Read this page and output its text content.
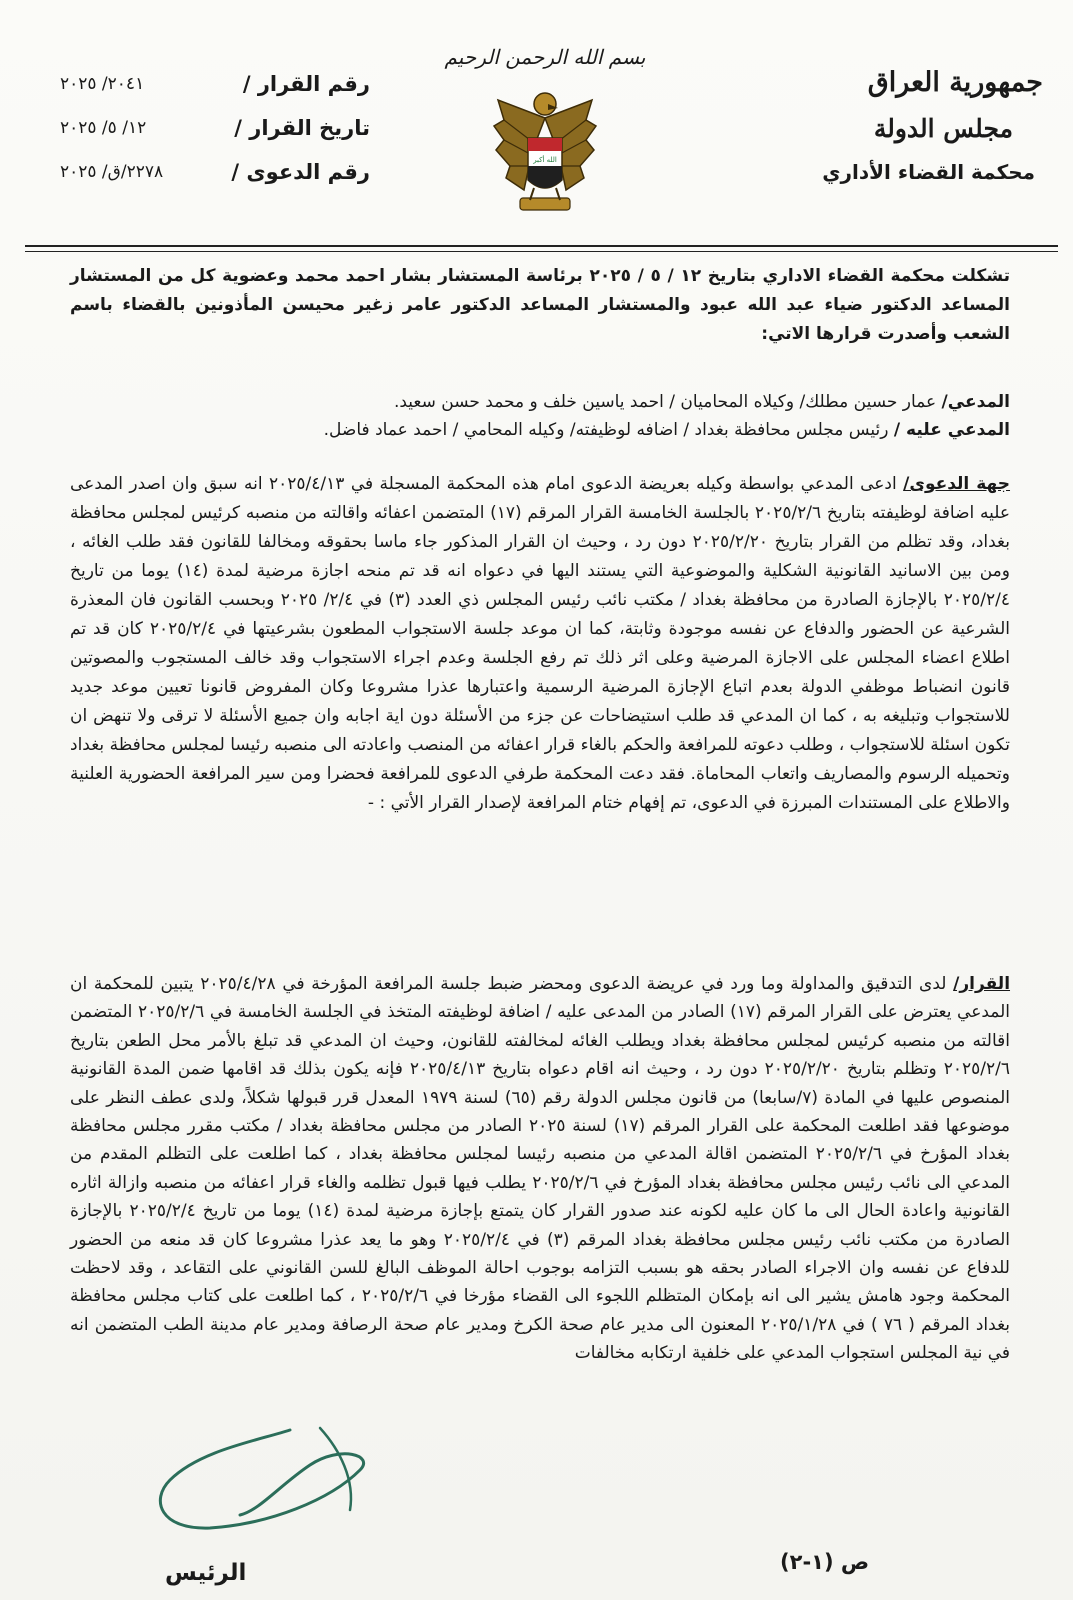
جمهورية العراق
مجلس الدولة
محكمة القضاء الأداري
بسم الله الرحمن الرحيم
الله أكبر
رقم القرار /
٢٠٤١/ ٢٠٢٥
تاريخ القرار /
١٢/ ٥/ ٢٠٢٥
رقم الدعوى /
٢٢٧٨/ق/ ٢٠٢٥
تشكلت محكمة القضاء الاداري بتاريخ ١٢ / ٥ / ٢٠٢٥ برئاسة المستشار بشار احمد محمد وعضوية كل من المستشار المساعد الدكتور ضياء عبد الله عبود والمستشار المساعد الدكتور عامر زغير محيسن المأذونين بالقضاء باسم الشعب وأصدرت قرارها الاتي:
المدعي/ عمار حسين مطلك/ وكيلاه المحاميان / احمد ياسين خلف و محمد حسن سعيد.
المدعي عليه / رئيس مجلس محافظة بغداد / اضافه لوظيفته/ وكيله المحامي / احمد عماد فاضل.
جهة الدعوى/ ادعى المدعي بواسطة وكيله بعريضة الدعوى امام هذه المحكمة المسجلة في ٢٠٢٥/٤/١٣ انه سبق وان اصدر المدعى عليه اضافة لوظيفته بتاريخ ٢٠٢٥/٢/٦ بالجلسة الخامسة القرار المرقم (١٧) المتضمن اعفائه واقالته من منصبه كرئيس لمجلس محافظة بغداد، وقد تظلم من القرار بتاريخ ٢٠٢٥/٢/٢٠ دون رد ، وحيث ان القرار المذكور جاء ماسا بحقوقه ومخالفا للقانون فقد طلب الغائه ، ومن بين الاسانيد القانونية الشكلية والموضوعية التي يستند اليها في دعواه انه قد تم منحه اجازة مرضية لمدة (١٤) يوما من تاريخ ٢٠٢٥/٢/٤ بالإجازة الصادرة من محافظة بغداد / مكتب نائب رئيس المجلس ذي العدد (٣) في ٢/٤/ ٢٠٢٥ وبحسب القانون فان المعذرة الشرعية عن الحضور والدفاع عن نفسه موجودة وثابتة، كما ان موعد جلسة الاستجواب المطعون بشرعيتها في ٢٠٢٥/٢/٤ كان قد تم اطلاع اعضاء المجلس على الاجازة المرضية وعلى اثر ذلك تم رفع الجلسة وعدم اجراء الاستجواب وقد خالف المستجوب والمصوتين قانون انضباط موظفي الدولة بعدم اتباع الإجازة المرضية الرسمية واعتبارها عذرا مشروعا وكان المفروض قانونا تعيين موعد جديد للاستجواب وتبليغه به ، كما ان المدعي قد طلب استيضاحات عن جزء من الأسئلة دون اية اجابه وان جميع الأسئلة لا ترقى ولا تنهض ان تكون اسئلة للاستجواب ، وطلب دعوته للمرافعة والحكم بالغاء قرار اعفائه من المنصب واعادته الى منصبه رئيسا لمجلس محافظة بغداد وتحميله الرسوم والمصاريف واتعاب المحاماة. فقد دعت المحكمة طرفي الدعوى للمرافعة فحضرا ومن سير المرافعة الحضورية العلنية والاطلاع على المستندات المبرزة في الدعوى، تم إفهام ختام المرافعة لإصدار القرار الأتي : -
القرار/ لدى التدقيق والمداولة وما ورد في عريضة الدعوى ومحضر ضبط جلسة المرافعة المؤرخة في ٢٠٢٥/٤/٢٨ يتبين للمحكمة ان المدعي يعترض على القرار المرقم (١٧) الصادر من المدعى عليه / اضافة لوظيفته المتخذ في الجلسة الخامسة في ٢٠٢٥/٢/٦ المتضمن اقالته من منصبه كرئيس لمجلس محافظة بغداد ويطلب الغائه لمخالفته للقانون، وحيث ان المدعي قد تبلغ بالأمر محل الطعن بتاريخ ٢٠٢٥/٢/٦ وتظلم بتاريخ ٢٠٢٥/٢/٢٠ دون رد ، وحيث انه اقام دعواه بتاريخ ٢٠٢٥/٤/١٣ فإنه يكون بذلك قد اقامها ضمن المدة القانونية المنصوص عليها في المادة (٧/سابعا) من قانون مجلس الدولة رقم (٦٥) لسنة ١٩٧٩ المعدل قرر قبولها شكلاً، ولدى عطف النظر على موضوعها فقد اطلعت المحكمة على القرار المرقم (١٧) لسنة ٢٠٢٥ الصادر من مجلس محافظة بغداد / مكتب مقرر مجلس محافظة بغداد المؤرخ في ٢٠٢٥/٢/٦ المتضمن اقالة المدعي من منصبه رئيسا لمجلس محافظة بغداد ، كما اطلعت على التظلم المقدم من المدعي الى نائب رئيس مجلس محافظة بغداد المؤرخ في ٢٠٢٥/٢/٦ يطلب فيها قبول تظلمه والغاء قرار اعفائه من منصبه وازالة اثاره القانونية واعادة الحال الى ما كان عليه لكونه عند صدور القرار كان يتمتع بإجازة مرضية لمدة (١٤) يوما من تاريخ ٢٠٢٥/٢/٤ بالإجازة الصادرة من مكتب نائب رئيس مجلس محافظة بغداد المرقم (٣) في ٢٠٢٥/٢/٤ وهو ما يعد عذرا مشروعا كان قد منعه من الحضور للدفاع عن نفسه وان الاجراء الصادر بحقه هو بسبب التزامه بوجوب احالة الموظف البالغ للسن القانوني على التقاعد ، وقد لاحظت المحكمة وجود هامش يشير الى انه بإمكان المتظلم اللجوء الى القضاء مؤرخا في ٢٠٢٥/٢/٦ ، كما اطلعت على كتاب مجلس محافظة بغداد المرقم ( ٧٦ ) في ٢٠٢٥/١/٢٨ المعنون الى مدير عام صحة الكرخ ومدير عام صحة الرصافة ومدير عام مدينة الطب المتضمن انه في نية المجلس استجواب المدعي على خلفية ارتكابه مخالفات
الرئيس	ص (١-٢)
